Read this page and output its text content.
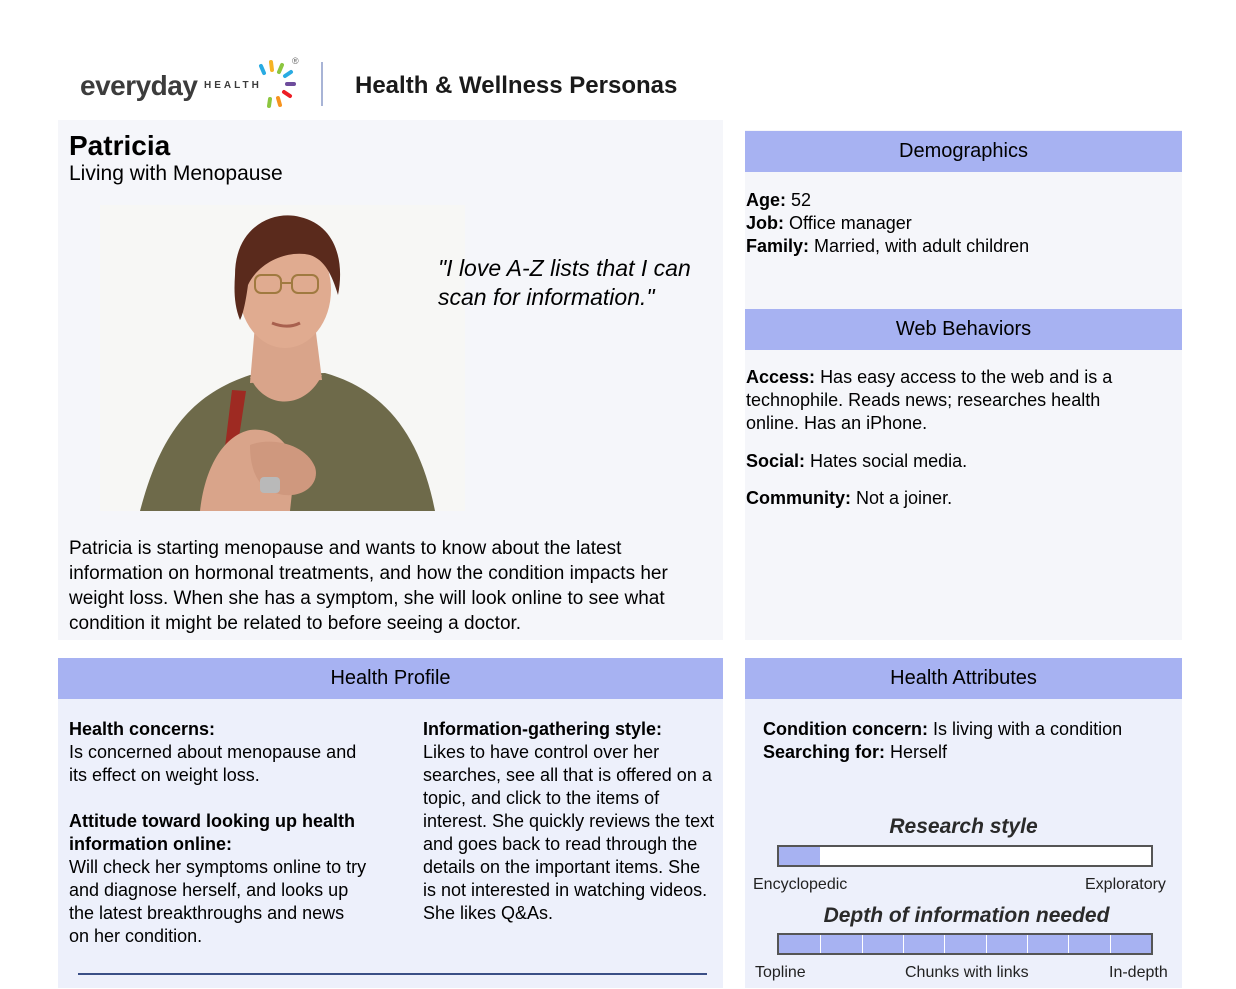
everyday HEALTH
®
Health & Wellness Personas
Patricia
Living with Menopause
"I love A-Z lists that I can scan for information."
Patricia is starting menopause and wants to know about the latest information on hormonal treatments, and how the condition impacts her weight loss. When she has a symptom, she will look online to see what condition it might be related to before seeing a doctor.
Demographics
Age: 52
Job: Office manager
Family: Married, with adult children
Web Behaviors
Access: Has easy access to the web and is a technophile. Reads news; researches health online. Has an iPhone.
Social: Hates social media.
Community: Not a joiner.
Health Profile
Health concerns:
Is concerned about menopause and its effect on weight loss.
Attitude toward looking up health information online:
Will check her symptoms online to try and diagnose herself, and looks up the latest breakthroughs and news on her condition.
Information-gathering style:
Likes to have control over her searches, see all that is offered on a topic, and click to the items of interest. She quickly reviews the text and goes back to read through the details on the important items. She is not interested in watching videos. She likes Q&As.
Health Attributes
Condition concern: Is living with a condition
Searching for: Herself
Research style
Encyclopedic	Exploratory
Depth of information needed
Topline	Chunks with links	In-depth
